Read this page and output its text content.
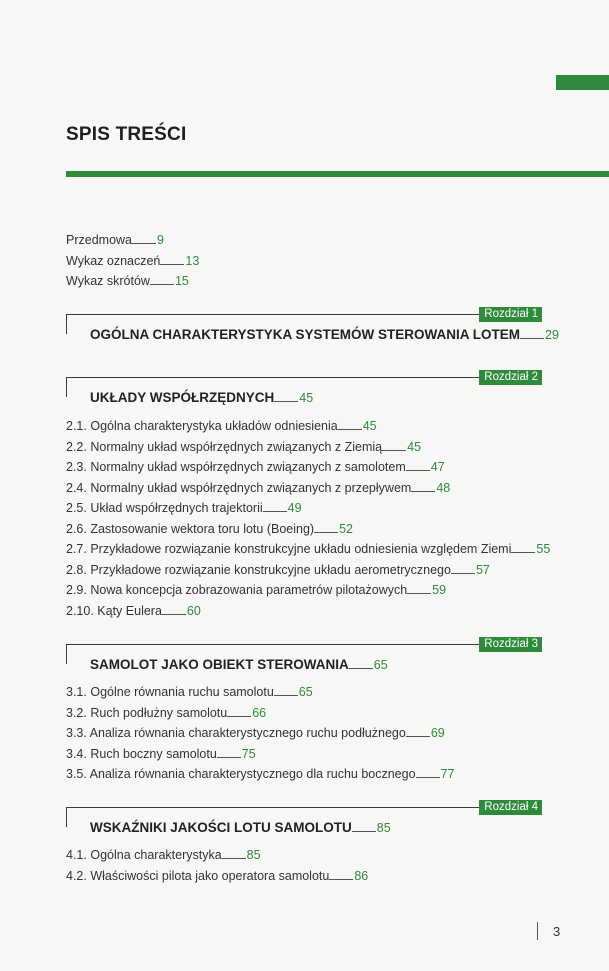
SPIS TREŚCI
Przedmowa 9
Wykaz oznaczeń 13
Wykaz skrótów 15
Rozdział 1
OGÓLNA CHARAKTERYSTYKA SYSTEMÓW STEROWANIA LOTEM 29
Rozdział 2
UKŁADY WSPÓŁRZĘDNYCH 45
2.1. Ogólna charakterystyka układów odniesienia 45
2.2. Normalny układ współrzędnych związanych z Ziemią 45
2.3. Normalny układ współrzędnych związanych z samolotem 47
2.4. Normalny układ współrzędnych związanych z przepływem 48
2.5. Układ współrzędnych trajektorii 49
2.6. Zastosowanie wektora toru lotu (Boeing) 52
2.7. Przykładowe rozwiązanie konstrukcyjne układu odniesienia względem Ziemi 55
2.8. Przykładowe rozwiązanie konstrukcyjne układu aerometrycznego 57
2.9. Nowa koncepcja zobrazowania parametrów pilotażowych 59
2.10. Kąty Eulera 60
Rozdział 3
SAMOLOT JAKO OBIEKT STEROWANIA 65
3.1. Ogólne równania ruchu samolotu 65
3.2. Ruch podłużny samolotu 66
3.3. Analiza równania charakterystycznego ruchu podłużnego 69
3.4. Ruch boczny samolotu 75
3.5. Analiza równania charakterystycznego dla ruchu bocznego 77
Rozdział 4
WSKAŹNIKI JAKOŚCI LOTU SAMOLOTU 85
4.1. Ogólna charakterystyka 85
4.2. Właściwości pilota jako operatora samolotu 86
3
